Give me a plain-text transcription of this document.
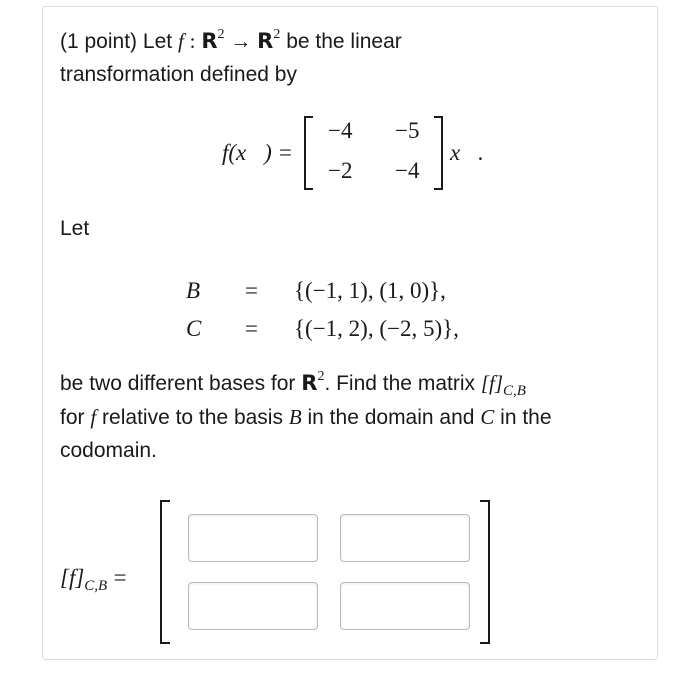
(1 point) Let f : $R^2 \to R^2$ be the linear
transformation defined by
f(x⃗) =
−4 −5
−2 −4
x⃗.
Let
B = {(−1, 1), (1, 0)},
C = {(−1, 2), (−2, 5)},
be two different bases for $R^2$. Find the matrix $[f]_{C,B}$
for f relative to the basis B in the domain and C in the
codomain.
$[f]_{C,B}$ =
